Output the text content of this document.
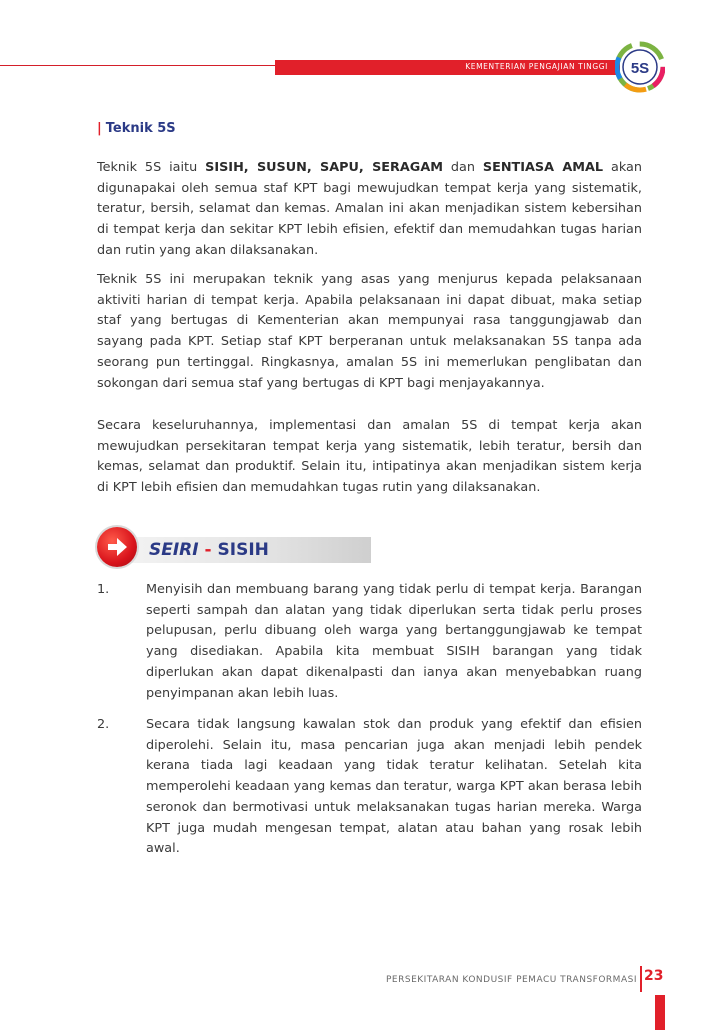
KEMENTERIAN PENGAJIAN TINGGI 5S
| Teknik 5S

Teknik 5S iaitu SISIH, SUSUN, SAPU, SERAGAM dan SENTIASA AMAL akan digunapakai oleh semua staf KPT bagi mewujudkan tempat kerja yang sistematik, teratur, bersih, selamat dan kemas. Amalan ini akan menjadikan sistem kebersihan di tempat kerja dan sekitar KPT lebih efisien, efektif dan memudahkan tugas harian dan rutin yang akan dilaksanakan.

Teknik 5S ini merupakan teknik yang asas yang menjurus kepada pelaksanaan aktiviti harian di tempat kerja. Apabila pelaksanaan ini dapat dibuat, maka setiap staf yang bertugas di Kementerian akan mempunyai rasa tanggungjawab dan sayang pada KPT. Setiap staf KPT berperanan untuk melaksanakan 5S tanpa ada seorang pun tertinggal. Ringkasnya, amalan 5S ini memerlukan penglibatan dan sokongan dari semua staf yang bertugas di KPT bagi menjayakannya.

Secara keseluruhannya, implementasi dan amalan 5S di tempat kerja akan mewujudkan persekitaran tempat kerja yang sistematik, lebih teratur, bersih dan kemas, selamat dan produktif. Selain itu, intipatinya akan menjadikan sistem kerja di KPT lebih efisien dan memudahkan tugas rutin yang dilaksanakan.

SEIRI - SISIH
1.	Menyisih dan membuang barang yang tidak perlu di tempat kerja. Barangan seperti sampah dan alatan yang tidak diperlukan serta tidak perlu proses pelupusan, perlu dibuang oleh warga yang bertanggungjawab ke tempat yang disediakan. Apabila kita membuat SISIH barangan yang tidak diperlukan akan dapat dikenalpasti dan ianya akan menyebabkan ruang penyimpanan akan lebih luas.

2.	Secara tidak langsung kawalan stok dan produk yang efektif dan efisien diperolehi. Selain itu, masa pencarian juga akan menjadi lebih pendek kerana tiada lagi keadaan yang tidak teratur kelihatan. Setelah kita memperolehi keadaan yang kemas dan teratur, warga KPT akan berasa lebih seronok dan bermotivasi untuk melaksanakan tugas harian mereka. Warga KPT juga mudah mengesan tempat, alatan atau bahan yang rosak lebih awal.

PERSEKITARAN KONDUSIF PEMACU TRANSFORMASI 23
